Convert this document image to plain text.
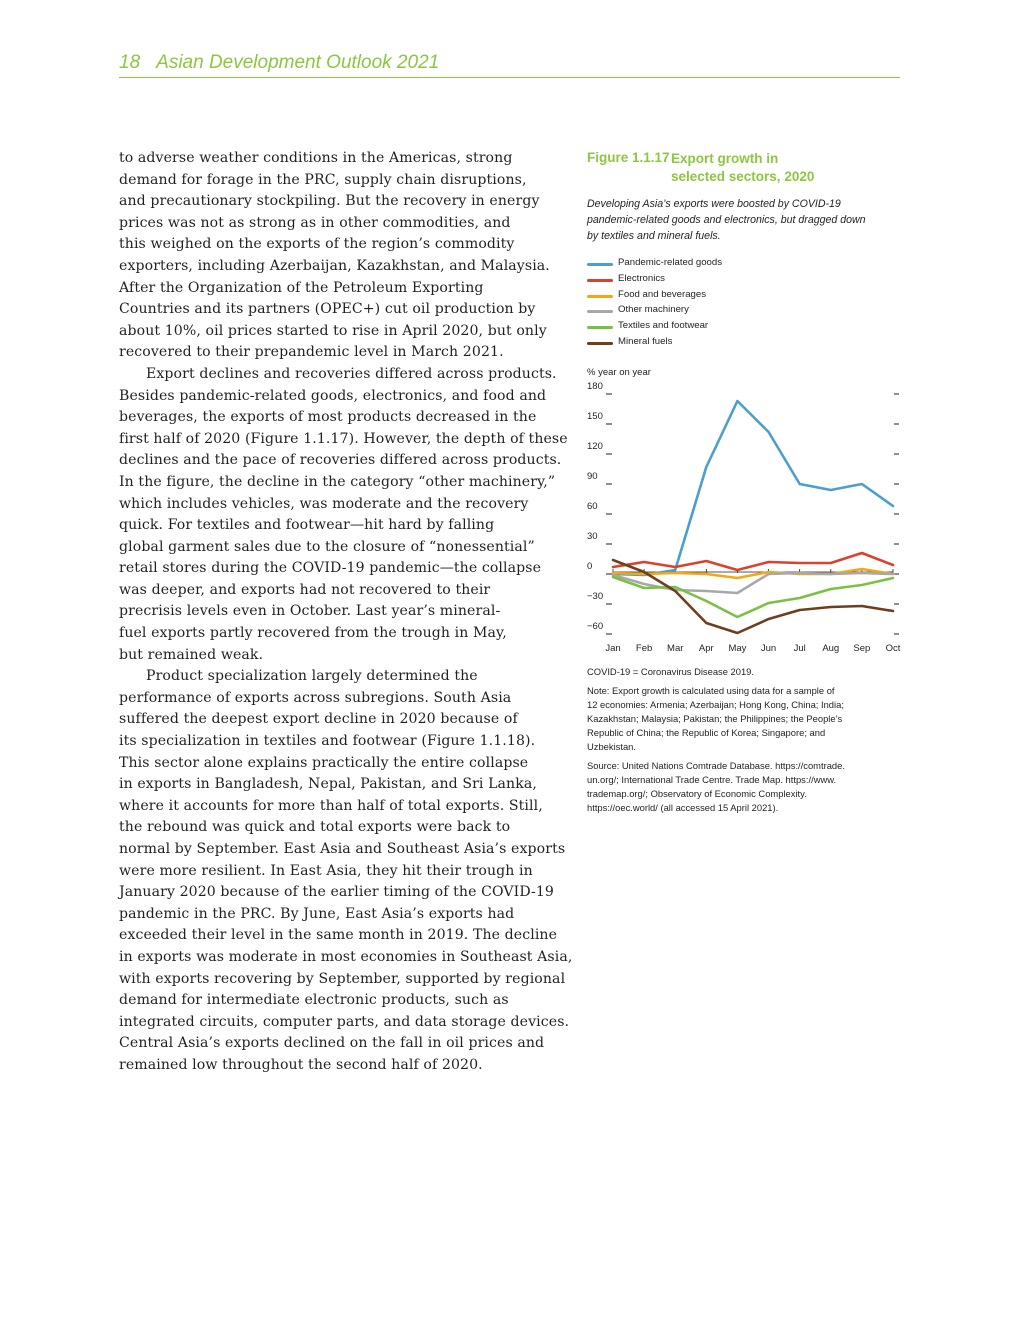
18 Asian Development Outlook 2021

to adverse weather conditions in the Americas, strong
demand for forage in the PRC, supply chain disruptions,
and precautionary stockpiling. But the recovery in energy
prices was not as strong as in other commodities, and
this weighed on the exports of the region’s commodity
exporters, including Azerbaijan, Kazakhstan, and Malaysia.
After the Organization of the Petroleum Exporting
Countries and its partners (OPEC+) cut oil production by
about 10%, oil prices started to rise in April 2020, but only
recovered to their prepandemic level in March 2021.

Export declines and recoveries differed across products.
Besides pandemic-related goods, electronics, and food and
beverages, the exports of most products decreased in the
first half of 2020 (Figure 1.1.17). However, the depth of these
declines and the pace of recoveries differed across products.
In the figure, the decline in the category “other machinery,”
which includes vehicles, was moderate and the recovery
quick. For textiles and footwear—hit hard by falling
global garment sales due to the closure of “nonessential”
retail stores during the COVID-19 pandemic—the collapse
was deeper, and exports had not recovered to their
precrisis levels even in October. Last year’s mineral-
fuel exports partly recovered from the trough in May,
but remained weak.

Product specialization largely determined the
performance of exports across subregions. South Asia
suffered the deepest export decline in 2020 because of
its specialization in textiles and footwear (Figure 1.1.18).
This sector alone explains practically the entire collapse
in exports in Bangladesh, Nepal, Pakistan, and Sri Lanka,
where it accounts for more than half of total exports. Still,
the rebound was quick and total exports were back to
normal by September. East Asia and Southeast Asia’s exports
were more resilient. In East Asia, they hit their trough in
January 2020 because of the earlier timing of the COVID-19
pandemic in the PRC. By June, East Asia’s exports had
exceeded their level in the same month in 2019. The decline
in exports was moderate in most economies in Southeast Asia,
with exports recovering by September, supported by regional
demand for intermediate electronic products, such as
integrated circuits, computer parts, and data storage devices.
Central Asia’s exports declined on the fall in oil prices and
remained low throughout the second half of 2020.

Figure 1.1.17 Export growth in
selected sectors, 2020
Developing Asia’s exports were boosted by COVID-19
pandemic-related goods and electronics, but dragged down
by textiles and mineral fuels.
Pandemic-related goods
Electronics
Food and beverages
Other machinery
Textiles and footwear
Mineral fuels
% year on year
180
150
120
90
60
30
0
−30
−60
Jan Feb Mar Apr May Jun Jul Aug Sep Oct
COVID-19 = Coronavirus Disease 2019.
Note: Export growth is calculated using data for a sample of
12 economies: Armenia; Azerbaijan; Hong Kong, China; India;
Kazakhstan; Malaysia; Pakistan; the Philippines; the People’s
Republic of China; the Republic of Korea; Singapore; and
Uzbekistan.
Source: United Nations Comtrade Database. https://comtrade.
un.org/; International Trade Centre. Trade Map. https://www.
trademap.org/; Observatory of Economic Complexity.
https://oec.world/ (all accessed 15 April 2021).
